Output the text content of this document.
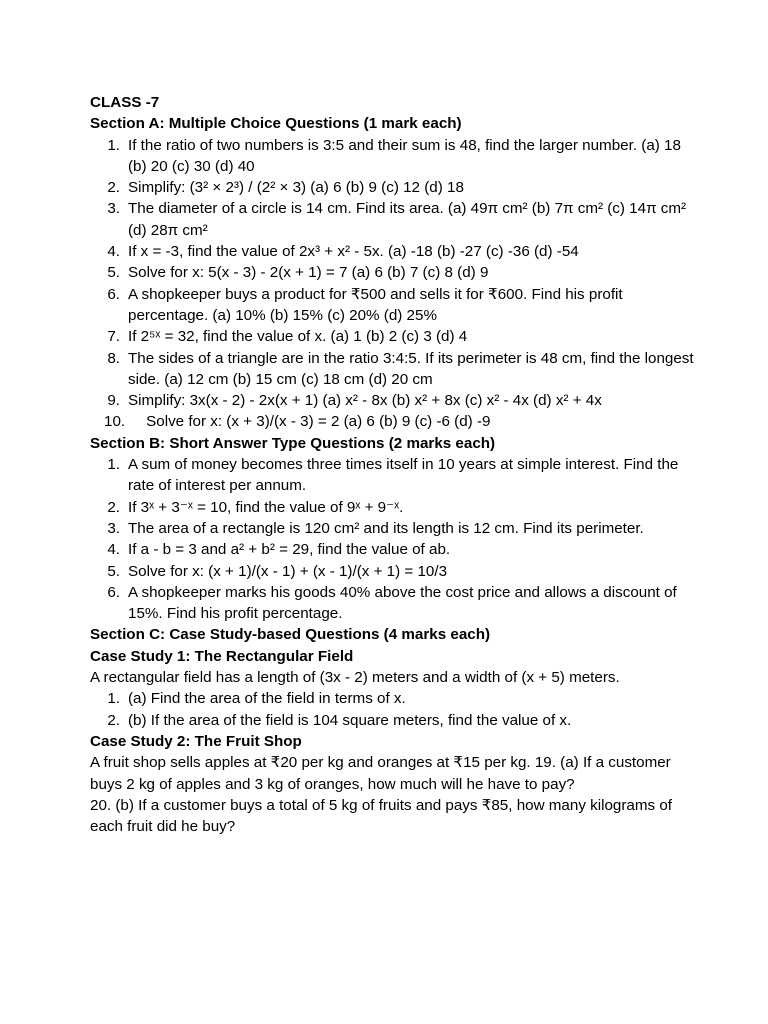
CLASS -7

Section A: Multiple Choice Questions (1 mark each)

1. If the ratio of two numbers is 3:5 and their sum is 48, find the larger number. (a) 18 (b) 20 (c) 30 (d) 40
2. Simplify: (3² × 2³) / (2² × 3) (a) 6 (b) 9 (c) 12 (d) 18
3. The diameter of a circle is 14 cm. Find its area. (a) 49π cm² (b) 7π cm² (c) 14π cm² (d) 28π cm²
4. If x = -3, find the value of 2x³ + x² - 5x. (a) -18 (b) -27 (c) -36 (d) -54
5. Solve for x: 5(x - 3) - 2(x + 1) = 7 (a) 6 (b) 7 (c) 8 (d) 9
6. A shopkeeper buys a product for ₹500 and sells it for ₹600. Find his profit percentage. (a) 10% (b) 15% (c) 20% (d) 25%
7. If 2⁵ˣ = 32, find the value of x. (a) 1 (b) 2 (c) 3 (d) 4
8. The sides of a triangle are in the ratio 3:4:5. If its perimeter is 48 cm, find the longest side. (a) 12 cm (b) 15 cm (c) 18 cm (d) 20 cm
9. Simplify: 3x(x - 2) - 2x(x + 1) (a) x² - 8x (b) x² + 8x (c) x² - 4x (d) x² + 4x
10. Solve for x: (x + 3)/(x - 3) = 2 (a) 6 (b) 9 (c) -6 (d) -9

Section B: Short Answer Type Questions (2 marks each)

1. A sum of money becomes three times itself in 10 years at simple interest. Find the rate of interest per annum.
2. If 3ˣ + 3⁻ˣ = 10, find the value of 9ˣ + 9⁻ˣ.
3. The area of a rectangle is 120 cm² and its length is 12 cm. Find its perimeter.
4. If a - b = 3 and a² + b² = 29, find the value of ab.
5. Solve for x: (x + 1)/(x - 1) + (x - 1)/(x + 1) = 10/3
6. A shopkeeper marks his goods 40% above the cost price and allows a discount of 15%. Find his profit percentage.

Section C: Case Study-based Questions (4 marks each)

Case Study 1: The Rectangular Field

A rectangular field has a length of (3x - 2) meters and a width of (x + 5) meters.

1. (a) Find the area of the field in terms of x.
2. (b) If the area of the field is 104 square meters, find the value of x.

Case Study 2: The Fruit Shop

A fruit shop sells apples at ₹20 per kg and oranges at ₹15 per kg. 19. (a) If a customer buys 2 kg of apples and 3 kg of oranges, how much will he have to pay?

20. (b) If a customer buys a total of 5 kg of fruits and pays ₹85, how many kilograms of each fruit did he buy?
